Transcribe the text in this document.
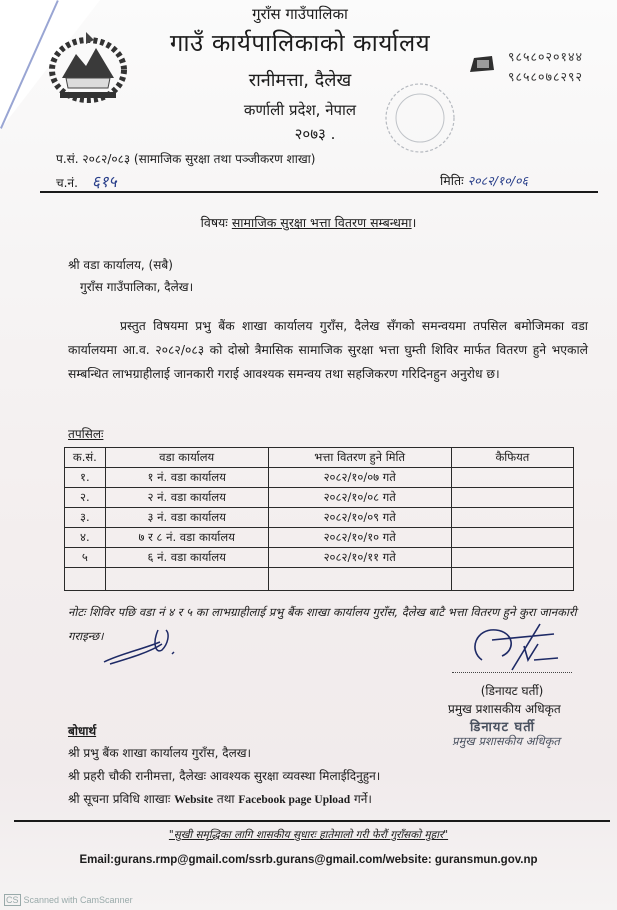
गुराँस गाउँपालिका
गाउँ कार्यपालिकाको कार्यालय
रानीमत्ता, दैलेख
कर्णाली प्रदेश, नेपाल
२०७३ .
९८५८०२०१४४
९८५८०७८२९२
प.सं. २०८२/०८३ (सामाजिक सुरक्षा तथा पञ्जीकरण शाखा)
च.नं. ६१५	मितिः २०८२/१०/०६
विषयः सामाजिक सुरक्षा भत्ता वितरण सम्बन्धमा।
श्री वडा कार्यालय, (सबै)
गुराँस गाउँपालिका, दैलेख।
प्रस्तुत विषयमा प्रभु बैंक शाखा कार्यालय गुराँस, दैलेख सँगको समन्वयमा तपसिल बमोजिमका वडा कार्यालयमा आ.व. २०८२/०८३ को दोस्रो त्रैमासिक सामाजिक सुरक्षा भत्ता घुम्ती शिविर मार्फत वितरण हुने भएकाले सम्बन्धित लाभग्राहीलाई जानकारी गराई आवश्यक समन्वय तथा सहजिकरण गरिदिनहुन अनुरोध छ।
तपसिलः
क.सं.	वडा कार्यालय	भत्ता वितरण हुने मिति	कैफियत
१.	१ नं. वडा कार्यालय	२०८२/१०/०७ गते	
२.	२ नं. वडा कार्यालय	२०८२/१०/०८ गते	
३.	३ नं. वडा कार्यालय	२०८२/१०/०९ गते	
४.	७ र ८ नं. वडा कार्यालय	२०८२/१०/१० गते	
५	६ नं. वडा कार्यालय	२०८२/१०/११ गते	

नोटः शिविर पछि वडा नं ४ र ५ का लाभग्राहीलाई प्रभु बैंक शाखा कार्यालय गुराँस, दैलेख बाटै भत्ता वितरण हुने कुरा जानकारी गराइन्छ।
(डिनायट घर्ती)
प्रमुख प्रशासकीय अधिकृत
डिनायट घर्ती
प्रमुख प्रशासकीय अधिकृत
बोधार्थ
श्री प्रभु बैंक शाखा कार्यालय गुराँस, दैलख।
श्री प्रहरी चौकी रानीमत्ता, दैलेखः आवश्यक सुरक्षा व्यवस्था मिलाईदिनुहुन।
श्री सूचना प्रविधि शाखाः Website तथा Facebook page Upload गर्ने।
"सुखी समृद्धिका लागि शासकीय सुधारः हातेमालो गरी फेरौं गुराँसको मुहार"
Email:gurans.rmp@gmail.com/ssrb.gurans@gmail.com/website: guransmun.gov.np
CS Scanned with CamScanner
